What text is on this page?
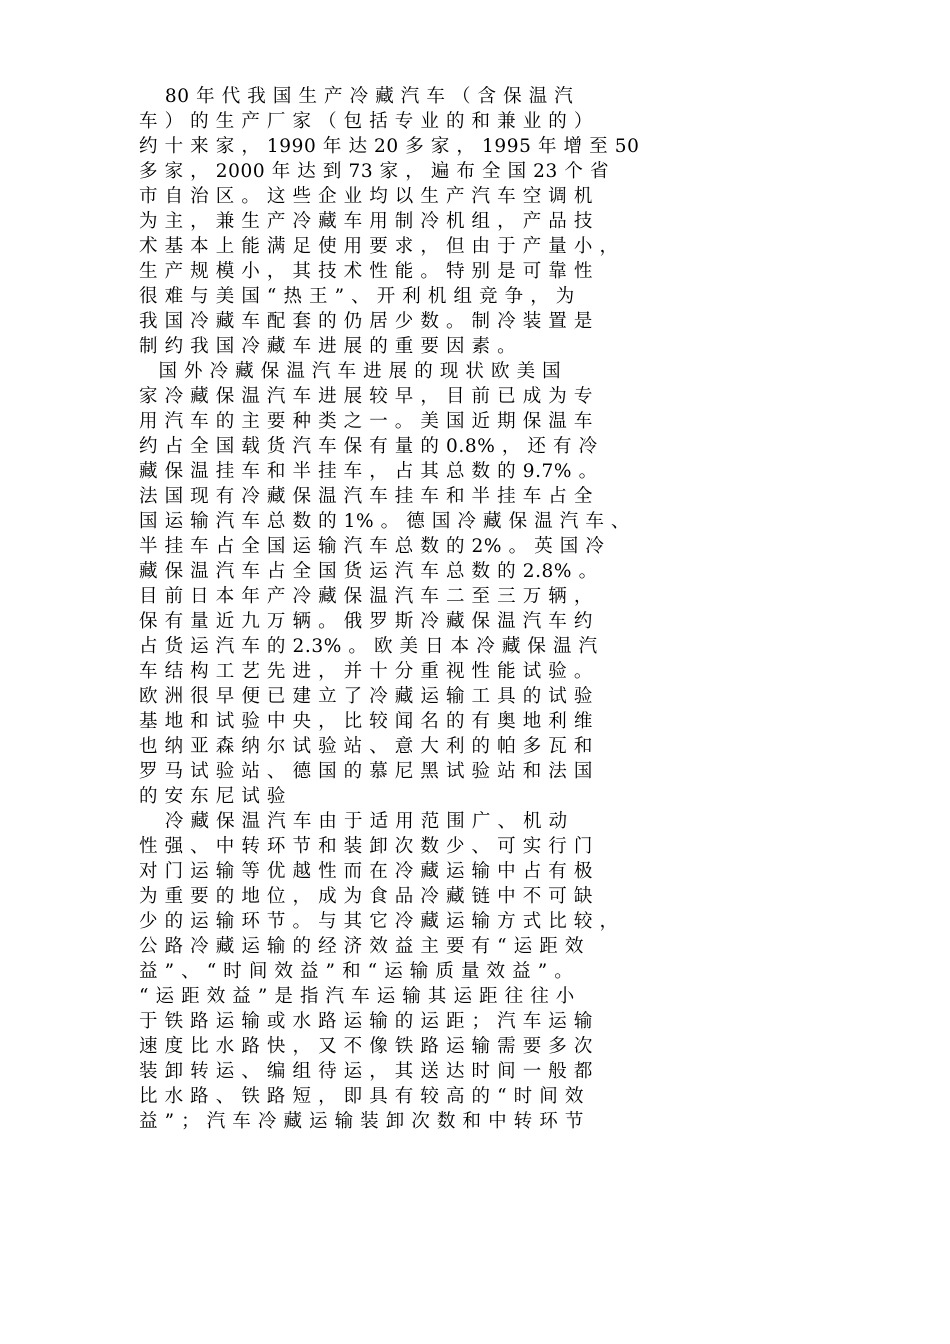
80 年 代 我 国 生 产 冷 藏 汽 车 （ 含 保 温 汽
车 ） 的 生 产 厂 家 （ 包 括 专 业 的 和 兼 业 的 ）
约 十 来 家 ， 1990 年 达 20 多 家 ， 1995 年 增 至 50
多 家 ， 2000 年 达 到 73 家 ， 遍 布 全 国 23 个 省
市 自 治 区 。 这 些 企 业 均 以 生 产 汽 车 空 调 机
为 主 ， 兼 生 产 冷 藏 车 用 制 冷 机 组 ， 产 品 技
术 基 本 上 能 满 足 使 用 要 求 ， 但 由 于 产 量 小 ，
生 产 规 模 小 ， 其 技 术 性 能 。 特 别 是 可 靠 性
很 难 与 美 国 “ 热 王 ” 、 开 利 机 组 竞 争 ， 为
我 国 冷 藏 车 配 套 的 仍 居 少 数 。 制 冷 装 置 是
制 约 我 国 冷 藏 车 进 展 的 重 要 因 素 。
国 外 冷 藏 保 温 汽 车 进 展 的 现 状 欧 美 国
家 冷 藏 保 温 汽 车 进 展 较 早 ， 目 前 已 成 为 专
用 汽 车 的 主 要 种 类 之 一 。 美 国 近 期 保 温 车
约 占 全 国 载 货 汽 车 保 有 量 的 0.8% ， 还 有 冷
藏 保 温 挂 车 和 半 挂 车 ， 占 其 总 数 的 9.7% 。
法 国 现 有 冷 藏 保 温 汽 车 挂 车 和 半 挂 车 占 全
国 运 输 汽 车 总 数 的 1% 。 德 国 冷 藏 保 温 汽 车 、
半 挂 车 占 全 国 运 输 汽 车 总 数 的 2% 。 英 国 冷
藏 保 温 汽 车 占 全 国 货 运 汽 车 总 数 的 2.8% 。
目 前 日 本 年 产 冷 藏 保 温 汽 车 二 至 三 万 辆 ，
保 有 量 近 九 万 辆 。 俄 罗 斯 冷 藏 保 温 汽 车 约
占 货 运 汽 车 的 2.3% 。 欧 美 日 本 冷 藏 保 温 汽
车 结 构 工 艺 先 进 ， 并 十 分 重 视 性 能 试 验 。
欧 洲 很 早 便 已 建 立 了 冷 藏 运 输 工 具 的 试 验
基 地 和 试 验 中 央 ， 比 较 闻 名 的 有 奥 地 利 维
也 纳 亚 森 纳 尔 试 验 站 、 意 大 利 的 帕 多 瓦 和
罗 马 试 验 站 、 德 国 的 慕 尼 黑 试 验 站 和 法 国
的 安 东 尼 试 验
冷 藏 保 温 汽 车 由 于 适 用 范 围 广 、 机 动
性 强 、 中 转 环 节 和 装 卸 次 数 少 、 可 实 行 门
对 门 运 输 等 优 越 性 而 在 冷 藏 运 输 中 占 有 极
为 重 要 的 地 位 ， 成 为 食 品 冷 藏 链 中 不 可 缺
少 的 运 输 环 节 。 与 其 它 冷 藏 运 输 方 式 比 较 ，
公 路 冷 藏 运 输 的 经 济 效 益 主 要 有 “ 运 距 效
益 ” 、 “ 时 间 效 益 ” 和 “ 运 输 质 量 效 益 ” 。
“ 运 距 效 益 ” 是 指 汽 车 运 输 其 运 距 往 往 小
于 铁 路 运 输 或 水 路 运 输 的 运 距 ； 汽 车 运 输
速 度 比 水 路 快 ， 又 不 像 铁 路 运 输 需 要 多 次
装 卸 转 运 、 编 组 待 运 ， 其 送 达 时 间 一 般 都
比 水 路 、 铁 路 短 ， 即 具 有 较 高 的 “ 时 间 效
益 ” ； 汽 车 冷 藏 运 输 装 卸 次 数 和 中 转 环 节
